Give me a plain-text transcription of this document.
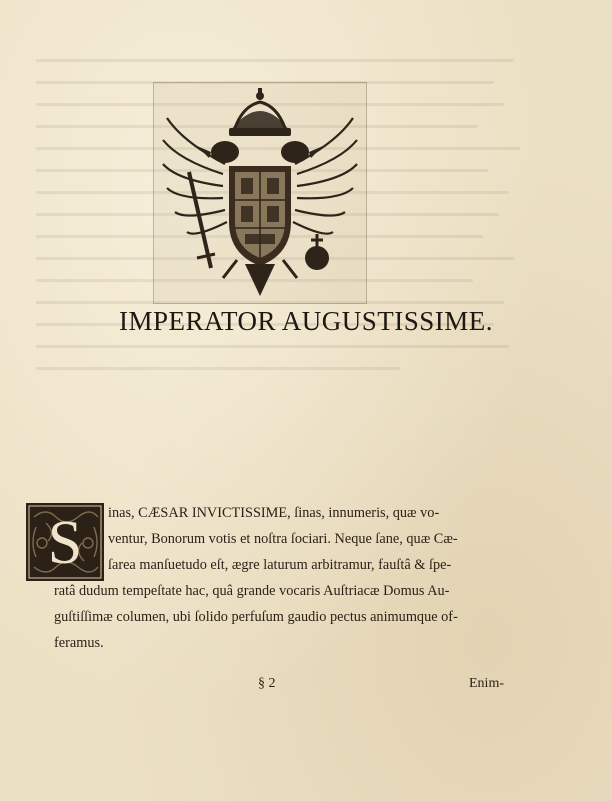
IMPERATOR AUGUSTISSIME.
S inas, CÆSAR INVICTISSIME, ſinas, innumeris, quæ vo-
ventur, Bonorum votis et noſtra ſociari. Neque ſane, quæ Cæ-
ſarea manſuetudo eſt, ægre laturum arbitramur, fauſtâ & ſpe-
ratâ dudum tempeſtate hac, quâ grande vocaris Auſtriacæ Domus Au-
guſtiſſimæ columen, ubi ſolido perfuſum gaudio pectus animumque of-
feramus.
§ 2	Enim-
